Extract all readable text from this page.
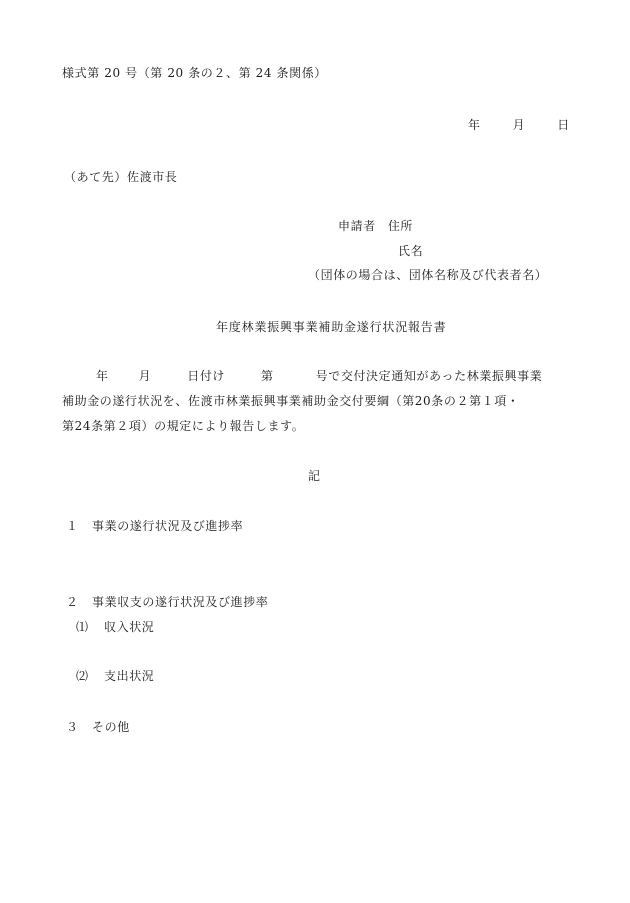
様式第 20 号（第 20 条の２、第 24 条関係）
年	月	日
（あて先）佐渡市長
申請者 住所
氏名
（団体の場合は、団体名称及び代表者名）
年度林業振興事業補助金遂行状況報告書
年	月	日付け	第	号で交付決定通知があった林業振興事業
補助金の遂行状況を、佐渡市林業振興事業補助金交付要綱（第20条の２第１項・
第24条第２項）の規定により報告します。
記
１ 事業の遂行状況及び進捗率
２ 事業収支の遂行状況及び進捗率
⑴ 収入状況
⑵ 支出状況
３ その他
